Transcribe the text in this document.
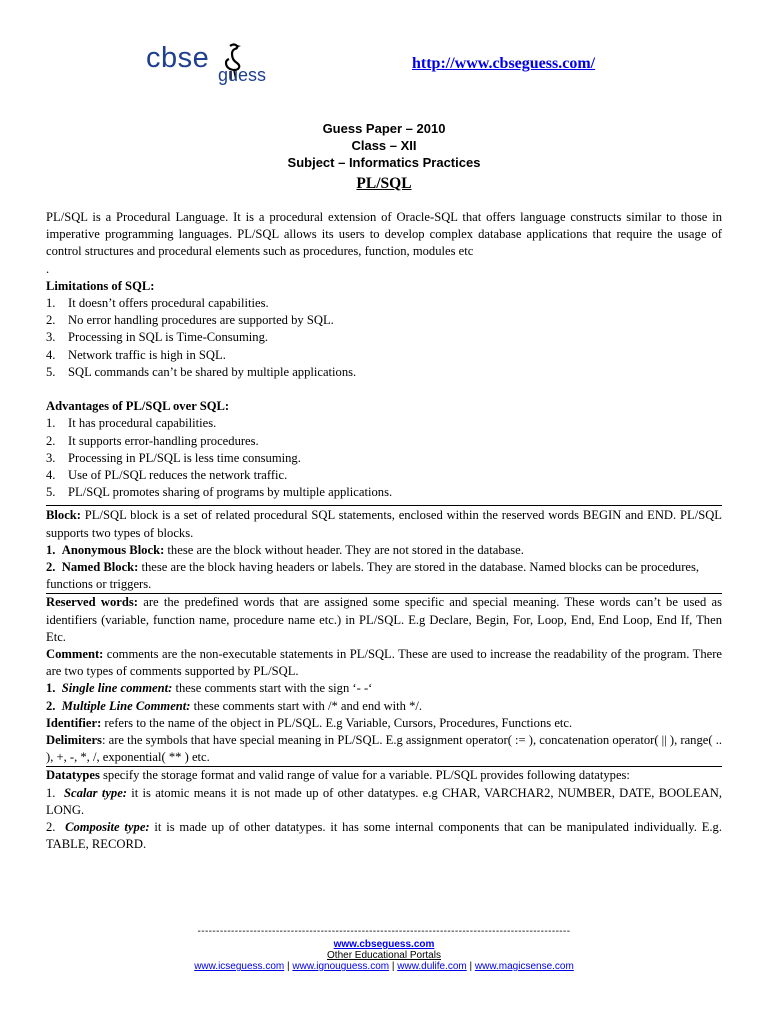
cbse
guess
http://www.cbseguess.com/
Guess Paper – 2010
Class – XII
Subject – Informatics Practices
PL/SQL

PL/SQL is a Procedural Language. It is a procedural extension of Oracle-SQL that offers language constructs similar to those in imperative programming languages. PL/SQL allows its users to develop complex database applications that require the usage of control structures and procedural elements such as procedures, function, modules etc

.

Limitations of SQL:

1. It doesn’t offers procedural capabilities.
2. No error handling procedures are supported by SQL.
3. Processing in SQL is Time-Consuming.
4. Network traffic is high in SQL.
5. SQL commands can’t be shared by multiple applications.

Advantages of PL/SQL over SQL:

1. It has procedural capabilities.
2. It supports error-handling procedures.
3. Processing in PL/SQL is less time consuming.
4. Use of PL/SQL reduces the network traffic.
5. PL/SQL promotes sharing of programs by multiple applications.

Block: PL/SQL block is a set of related procedural SQL statements, enclosed within the reserved words BEGIN and END. PL/SQL supports two types of blocks.

1. Anonymous Block: these are the block without header. They are not stored in the database.

2. Named Block: these are the block having headers or labels. They are stored in the database. Named blocks can be procedures, functions or triggers.

Reserved words: are the predefined words that are assigned some specific and special meaning. These words can’t be used as identifiers (variable, function name, procedure name etc.) in PL/SQL. E.g Declare, Begin, For, Loop, End, End Loop, End If, Then Etc.

Comment: comments are the non-executable statements in PL/SQL. These are used to increase the readability of the program. There are two types of comments supported by PL/SQL.

1. Single line comment: these comments start with the sign ‘- -‘

2. Multiple Line Comment: these comments start with /* and end with */.

Identifier: refers to the name of the object in PL/SQL. E.g Variable, Cursors, Procedures, Functions etc.

Delimiters: are the symbols that have special meaning in PL/SQL. E.g assignment operator( := ), concatenation operator( || ), range( .. ), +, -, *, /, exponential( ** ) etc.

Datatypes specify the storage format and valid range of value for a variable. PL/SQL provides following datatypes:

1. Scalar type: it is atomic means it is not made up of other datatypes. e.g CHAR, VARCHAR2, NUMBER, DATE, BOOLEAN, LONG.

2. Composite type: it is made up of other datatypes. it has some internal components that can be manipulated individually. E.g. TABLE, RECORD.

----------------------------------------------------------------------------------------------------
www.cbseguess.com
Other Educational Portals
www.icseguess.com | www.ignouguess.com | www.dulife.com | www.magicsense.com
